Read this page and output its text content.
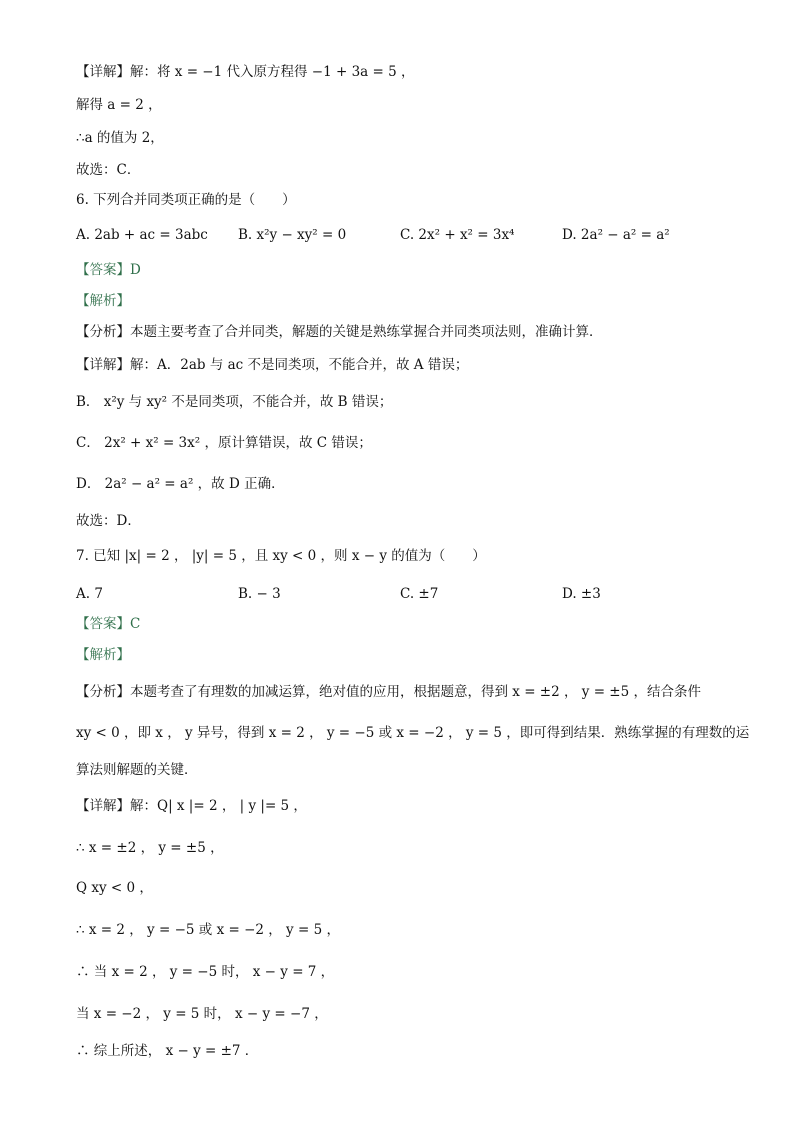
【详解】解：将 x = −1 代入原方程得 −1 + 3a = 5 ，
解得 a = 2 ，
∴a 的值为 2，
故选：C．
6. 下列合并同类项正确的是（　　）
A. 2ab + ac = 3abc B. x²y − xy² = 0	C. 2x² + x² = 3x⁴	D. 2a² − a² = a²
【答案】D
【解析】
【分析】本题主要考查了合并同类，解题的关键是熟练掌握合并同类项法则，准确计算．
【详解】解：A．2ab 与 ac 不是同类项，不能合并，故 A 错误；
B． x²y 与 xy² 不是同类项，不能合并，故 B 错误；
C． 2x² + x² = 3x² ，原计算错误，故 C 错误；
D． 2a² − a² = a² ，故 D 正确．
故选：D．
7. 已知 |x| = 2 ， |y| = 5 ，且 xy < 0 ，则 x − y 的值为（　　）
A. 7	B. − 3	C. ±7	D. ±3
【答案】C
【解析】
【分析】本题考查了有理数的加减运算，绝对值的应用，根据题意，得到 x = ±2 ， y = ±5 ，结合条件
xy < 0 ，即 x ， y 异号，得到 x = 2 ， y = −5 或 x = −2 ， y = 5 ，即可得到结果．熟练掌握的有理数的运
算法则解题的关键．
【详解】解：Q| x |= 2 ， | y |= 5 ，
∴ x = ±2 ， y = ±5 ，
Q xy < 0 ，
∴ x = 2 ， y = −5 或 x = −2 ， y = 5 ，
∴ 当 x = 2 ， y = −5 时， x − y = 7 ，
当 x = −2 ， y = 5 时， x − y = −7 ，
∴ 综上所述， x − y = ±7 ．
